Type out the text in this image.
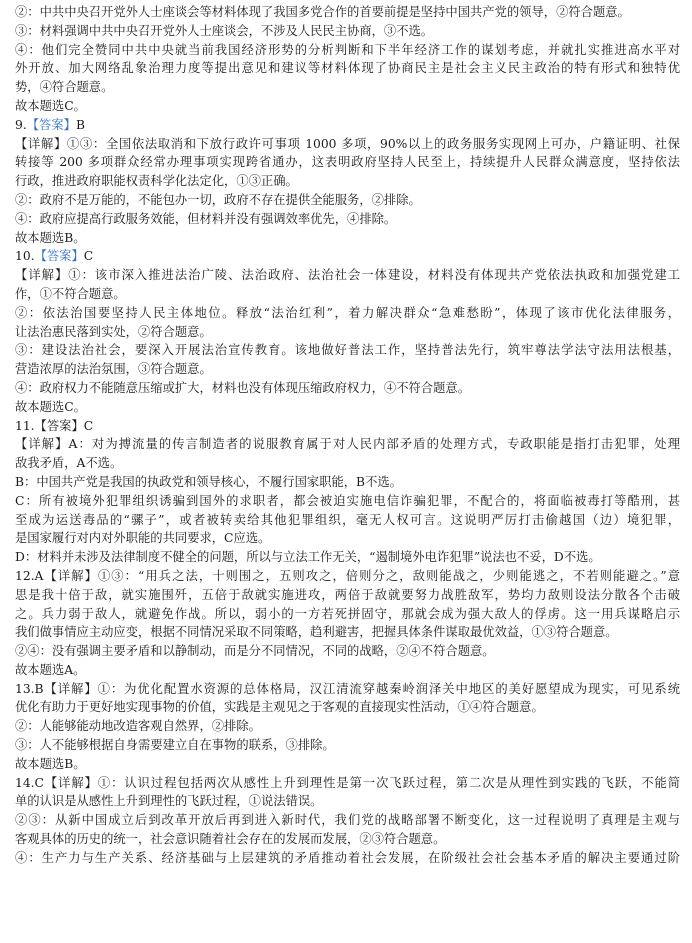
②：中共中央召开党外人士座谈会等材料体现了我国多党合作的首要前提是坚持中国共产党的领导，②符合题意。
③：材料强调中共中央召开党外人士座谈会，不涉及人民民主协商，③不选。
④：他们完全赞同中共中央就当前我国经济形势的分析判断和下半年经济工作的谋划考虑，并就扎实推进高水平对
外开放、加大网络乱象治理力度等提出意见和建议等材料体现了协商民主是社会主义民主政治的特有形式和独特优
势，④符合题意。
故本题选C。
9.【答案】B
【详解】①③：全国依法取消和下放行政许可事项 1000 多项，90%以上的政务服务实现网上可办，户籍证明、社保
转接等 200 多项群众经常办理事项实现跨省通办，这表明政府坚持人民至上，持续提升人民群众满意度，坚持依法
行政，推进政府职能权责科学化法定化，①③正确。
②：政府不是万能的，不能包办一切，政府不存在提供全能服务，②排除。
④：政府应提高行政服务效能，但材料并没有强调效率优先，④排除。
故本题选B。
10.【答案】C
【详解】①：该市深入推进法治广陵、法治政府、法治社会一体建设，材料没有体现共产党依法执政和加强党建工
作，①不符合题意。
②：依法治国要坚持人民主体地位。释放“法治红利”，着力解决群众“急难愁盼”，体现了该市优化法律服务，
让法治惠民落到实处，②符合题意。
③：建设法治社会，要深入开展法治宣传教育。该地做好普法工作，坚持普法先行，筑牢尊法学法守法用法根基，
营造浓厚的法治氛围，③符合题意。
④：政府权力不能随意压缩或扩大，材料也没有体现压缩政府权力，④不符合题意。
故本题选C。
11.【答案】C
【详解】A：对为搏流量的传言制造者的说服教育属于对人民内部矛盾的处理方式，专政职能是指打击犯罪，处理
敌我矛盾，A不选。
B：中国共产党是我国的执政党和领导核心，不履行国家职能，B不选。
C：所有被境外犯罪组织诱骗到国外的求职者，都会被迫实施电信诈骗犯罪，不配合的，将面临被毒打等酷刑，甚
至成为运送毒品的“骡子”，或者被转卖给其他犯罪组织，毫无人权可言。这说明严厉打击偷越国（边）境犯罪，
是国家履行对内对外职能的共同要求，C应选。
D：材料并未涉及法律制度不健全的问题，所以与立法工作无关，“遏制境外电诈犯罪”说法也不妥，D不选。
12.A【详解】①③：“用兵之法，十则围之，五则攻之，倍则分之，敌则能战之，少则能逃之，不若则能避之。”意
思是我十倍于敌，就实施围歼，五倍于敌就实施进攻，两倍于敌就要努力战胜敌军，势均力敌则设法分散各个击破
之。兵力弱于敌人，就避免作战。所以，弱小的一方若死拼固守，那就会成为强大敌人的俘虏。这一用兵谋略启示
我们做事情应主动应变，根据不同情况采取不同策略，趋利避害，把握具体条件谋取最优效益，①③符合题意。
②④：没有强调主要矛盾和以静制动，而是分不同情况，不同的战略，②④不符合题意。
故本题选A。
13.B【详解】①：为优化配置水资源的总体格局，汉江清流穿越秦岭润泽关中地区的美好愿望成为现实，可见系统
优化有助力于更好地实现事物的价值，实践是主观见之于客观的直接现实性活动，①④符合题意。
②：人能够能动地改造客观自然界，②排除。
③：人不能够根据自身需要建立自在事物的联系，③排除。
故本题选B。
14.C【详解】①：认识过程包括两次从感性上升到理性是第一次飞跃过程，第二次是从理性到实践的飞跃，不能简
单的认识是从感性上升到理性的飞跃过程，①说法错误。
②③：从新中国成立后到改革开放后再到进入新时代，我们党的战略部署不断变化，这一过程说明了真理是主观与
客观具体的历史的统一，社会意识随着社会存在的发展而发展，②③符合题意。
④：生产力与生产关系、经济基础与上层建筑的矛盾推动着社会发展，在阶级社会社会基本矛盾的解决主要通过阶
